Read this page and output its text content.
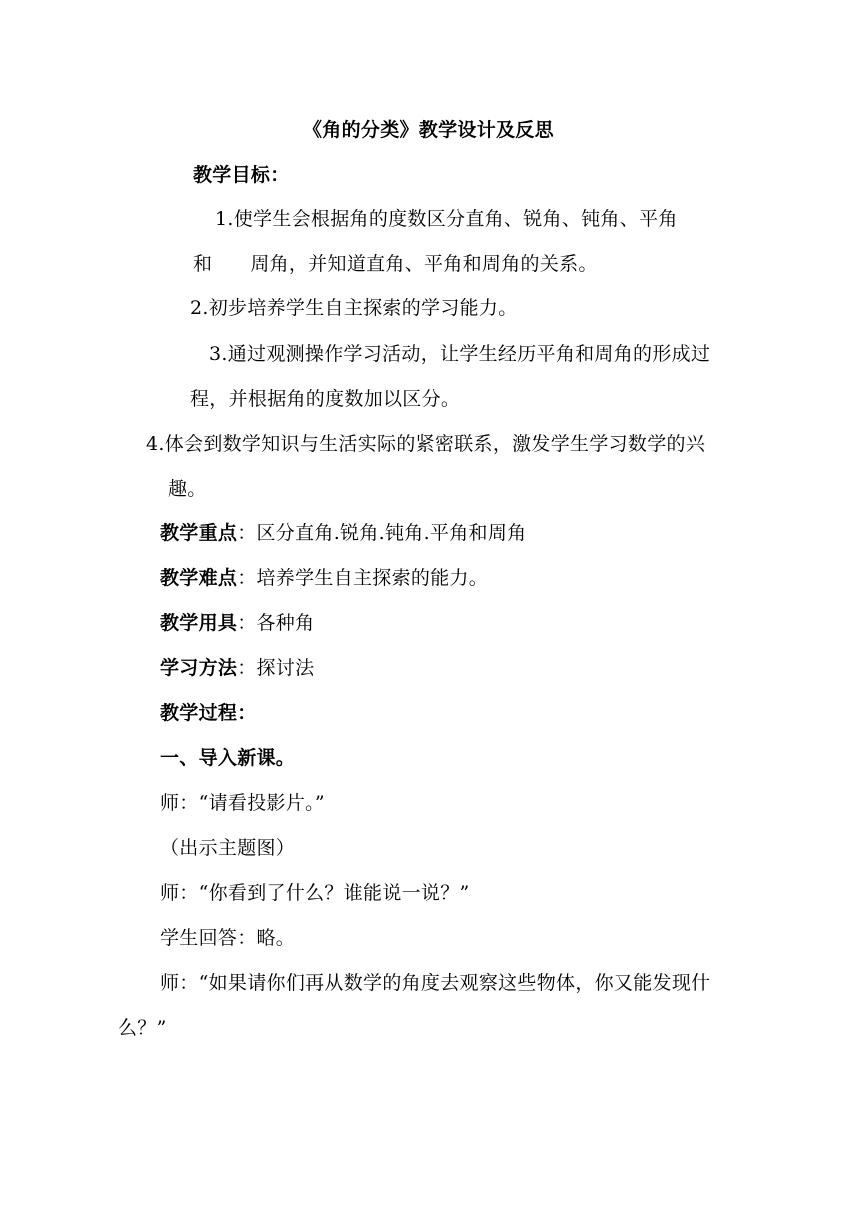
《角的分类》教学设计及反思
教学目标：
1.使学生会根据角的度数区分直角、锐角、钝角、平角
和 周角，并知道直角、平角和周角的关系。
2.初步培养学生自主探索的学习能力。
3.通过观测操作学习活动，让学生经历平角和周角的形成过
程，并根据角的度数加以区分。
4.体会到数学知识与生活实际的紧密联系，激发学生学习数学的兴
趣。
教学重点：区分直角.锐角.钝角.平角和周角
教学难点：培养学生自主探索的能力。
教学用具：各种角
学习方法：探讨法
教学过程：
一、导入新课。
师：“请看投影片。”
（出示主题图）
师：“你看到了什么？谁能说一说？”
学生回答：略。
师：“如果请你们再从数学的角度去观察这些物体，你又能发现什
么？”
